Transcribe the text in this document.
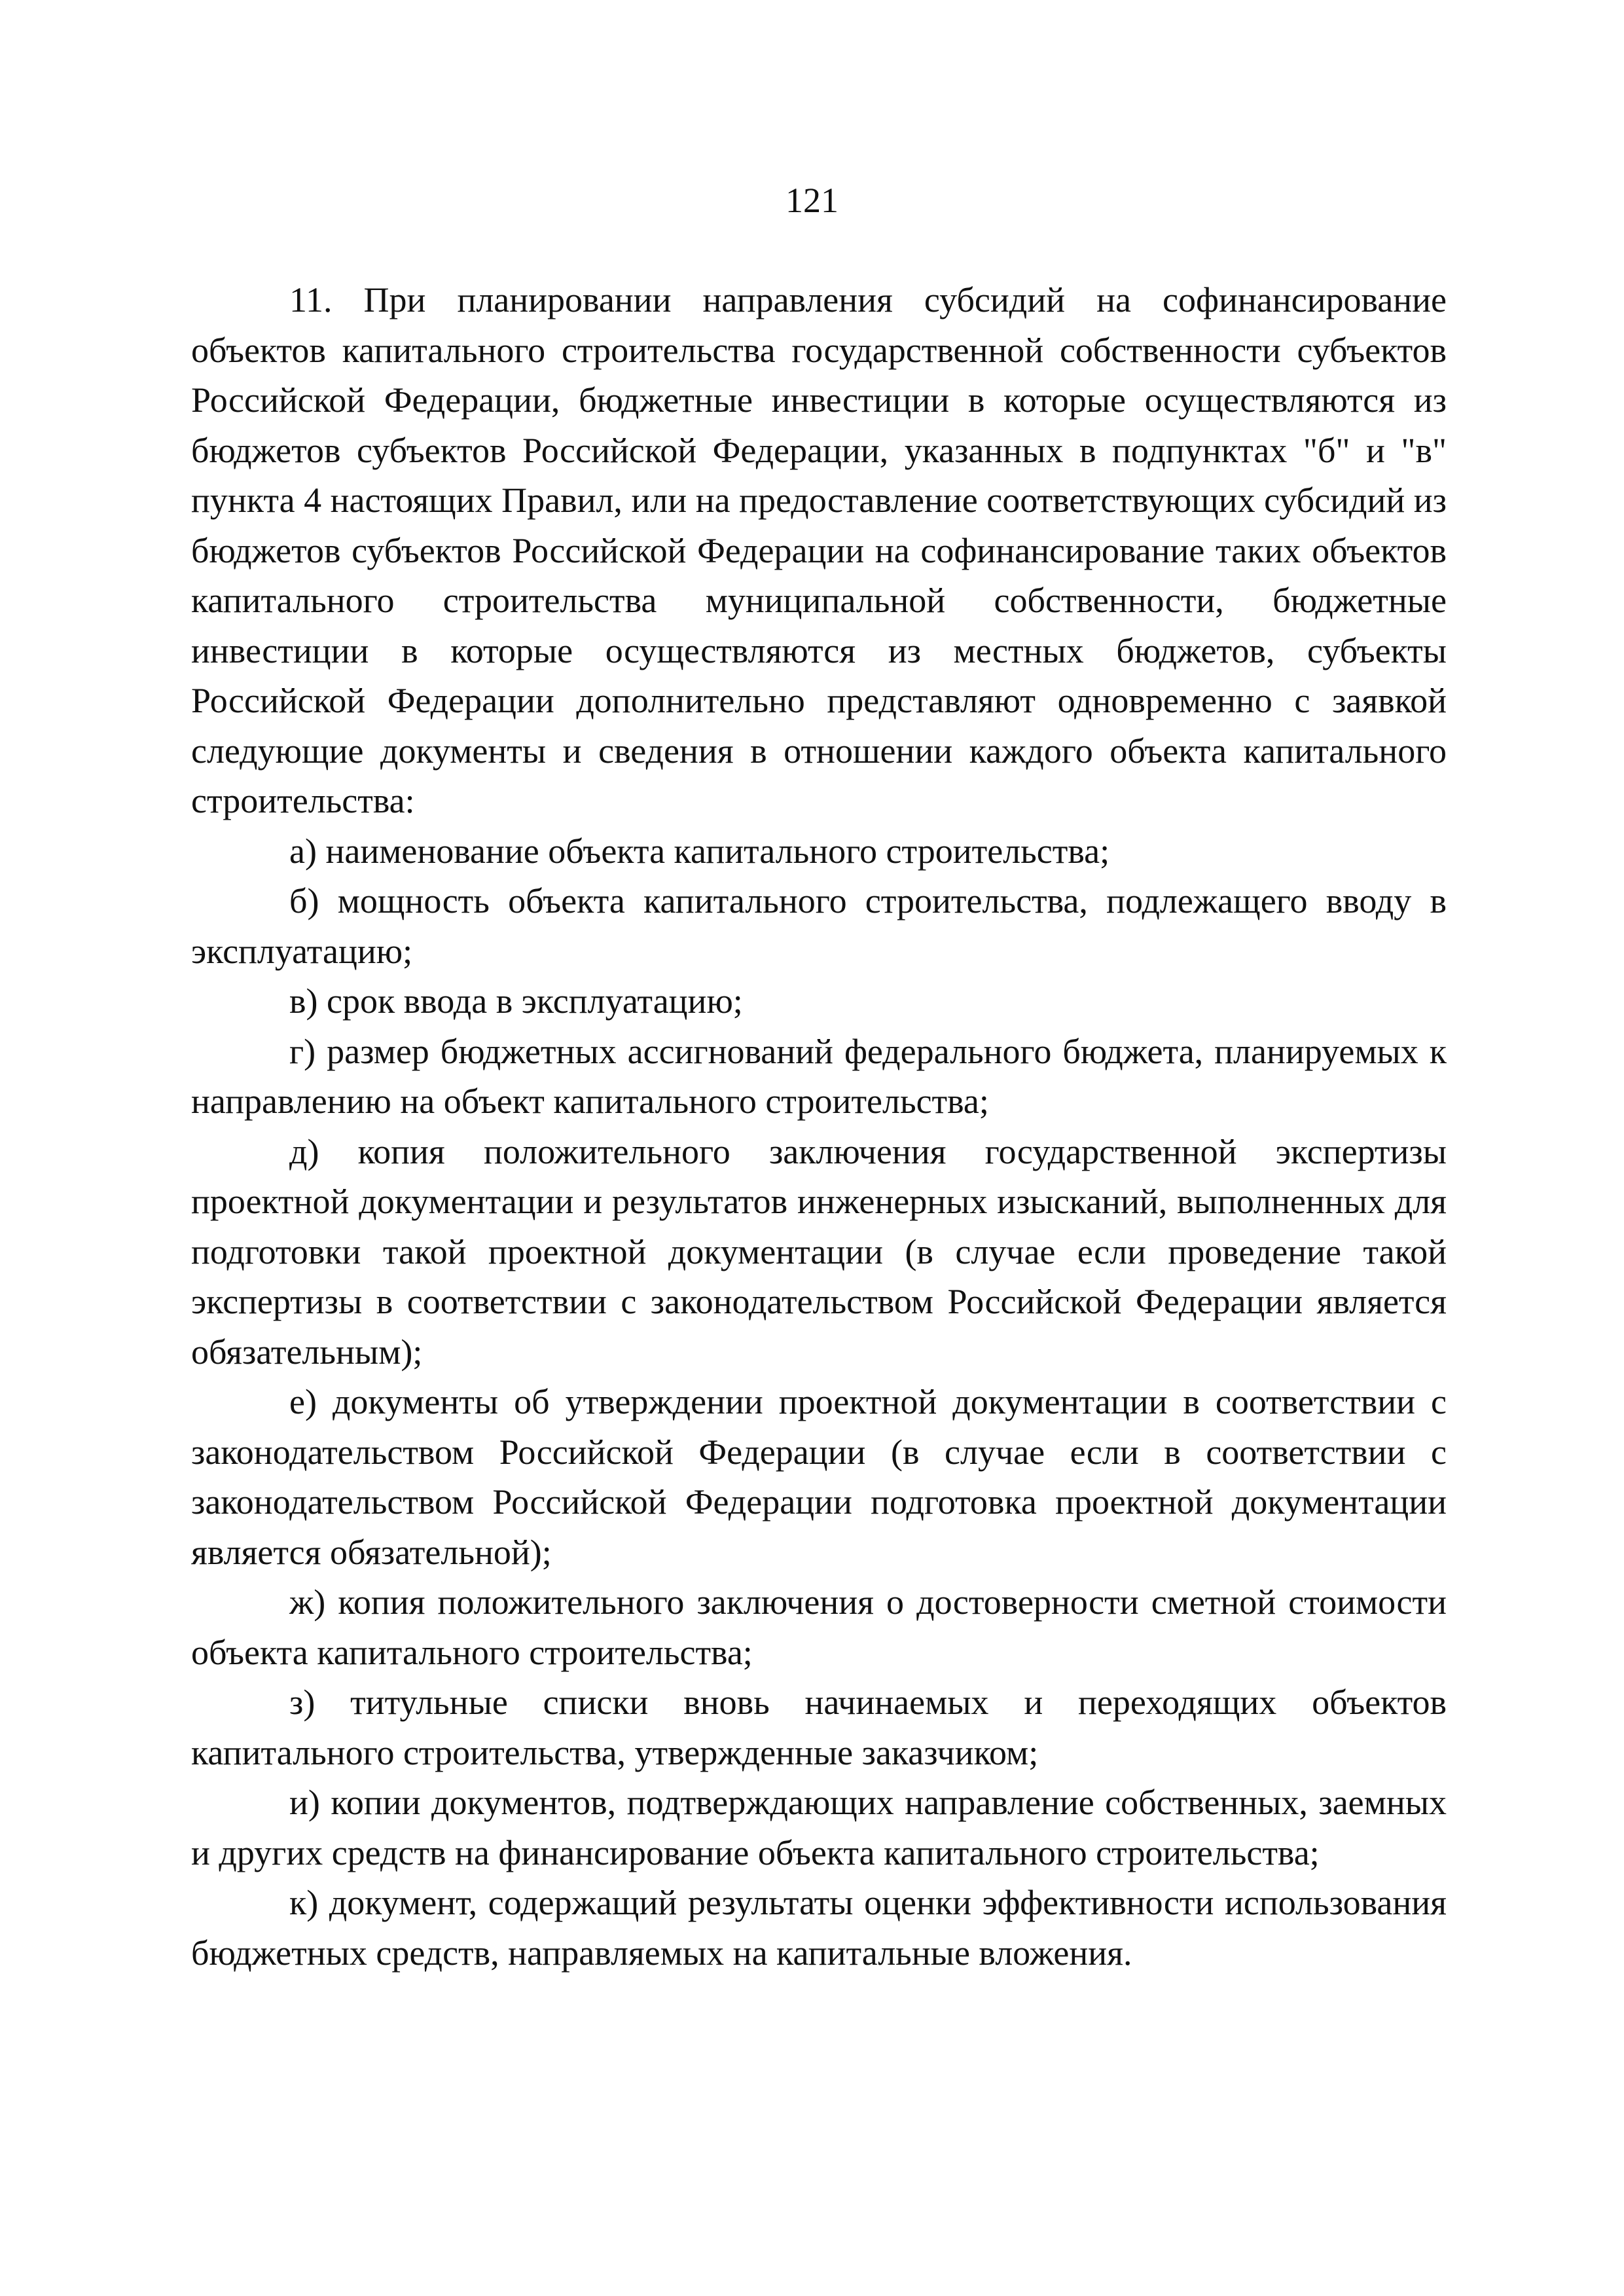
121

11. При планировании направления субсидий на софинансирование объектов капитального строительства государственной собственности субъектов Российской Федерации, бюджетные инвестиции в которые осуществляются из бюджетов субъектов Российской Федерации, указанных в подпунктах "б" и "в" пункта 4 настоящих Правил, или на предоставление соответствующих субсидий из бюджетов субъектов Российской Федерации на софинансирование таких объектов капитального строительства муниципальной собственности, бюджетные инвестиции в которые осуществляются из местных бюджетов, субъекты Российской Федерации дополнительно представляют одновременно с заявкой следующие документы и сведения в отношении каждого объекта капитального строительства:

а) наименование объекта капитального строительства;

б) мощность объекта капитального строительства, подлежащего вводу в эксплуатацию;

в) срок ввода в эксплуатацию;

г) размер бюджетных ассигнований федерального бюджета, планируемых к направлению на объект капитального строительства;

д) копия положительного заключения государственной экспертизы проектной документации и результатов инженерных изысканий, выполненных для подготовки такой проектной документации (в случае если проведение такой экспертизы в соответствии с законодательством Российской Федерации является обязательным);

е) документы об утверждении проектной документации в соответствии с законодательством Российской Федерации (в случае если в соответствии с законодательством Российской Федерации подготовка проектной документации является обязательной);

ж) копия положительного заключения о достоверности сметной стоимости объекта капитального строительства;

з) титульные списки вновь начинаемых и переходящих объектов капитального строительства, утвержденные заказчиком;

и) копии документов, подтверждающих направление собственных, заемных и других средств на финансирование объекта капитального строительства;

к) документ, содержащий результаты оценки эффективности использования бюджетных средств, направляемых на капитальные вложения.
